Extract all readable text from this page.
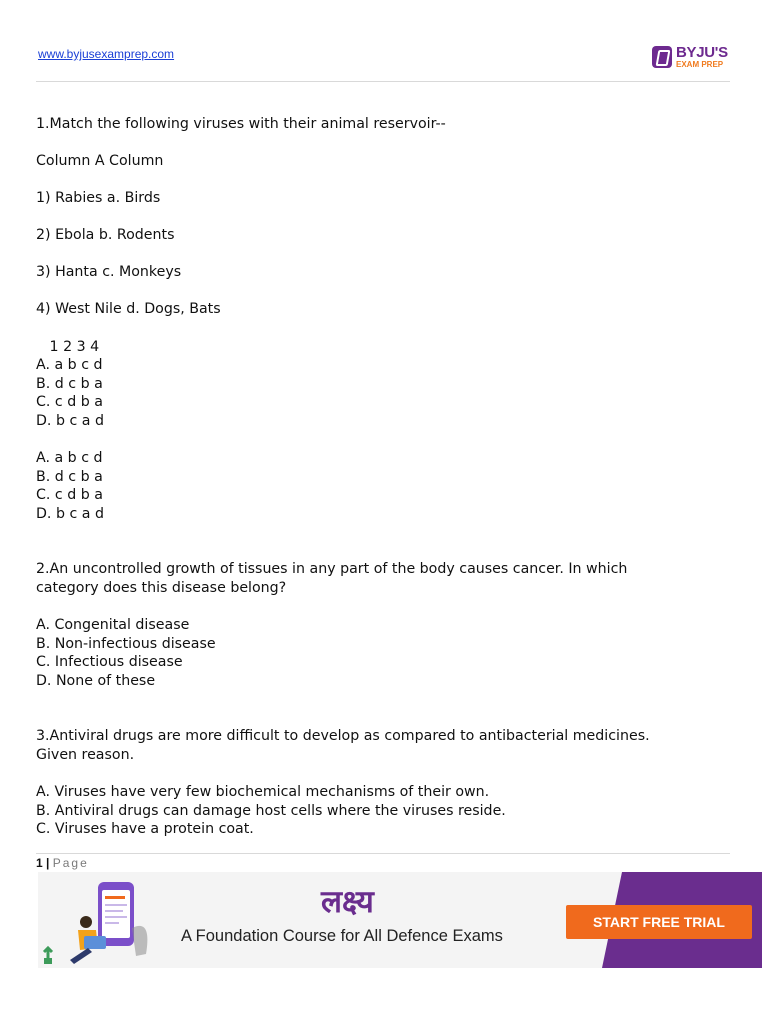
www.byjusexamprep.com	BYJU'S
EXAM PREP

1.Match the following viruses with their animal reservoir--

Column A Column

1) Rabies a. Birds

2) Ebola b. Rodents

3) Hanta c. Monkeys

4) West Nile d. Dogs, Bats

1 2 3 4

A. a b c d

B. d c b a

C. c d b a

D. b c a d

A. a b c d

B. d c b a

C. c d b a

D. b c a d

2.An uncontrolled growth of tissues in any part of the body causes cancer. In which

category does this disease belong?

A. Congenital disease

B. Non-infectious disease

C. Infectious disease

D. None of these

3.Antiviral drugs are more difficult to develop as compared to antibacterial medicines.

Given reason.

A. Viruses have very few biochemical mechanisms of their own.

B. Antiviral drugs can damage host cells where the viruses reside.

C. Viruses have a protein coat.

1 | Page
लक्ष्य
A Foundation Course for All Defence Exams
START FREE TRIAL
